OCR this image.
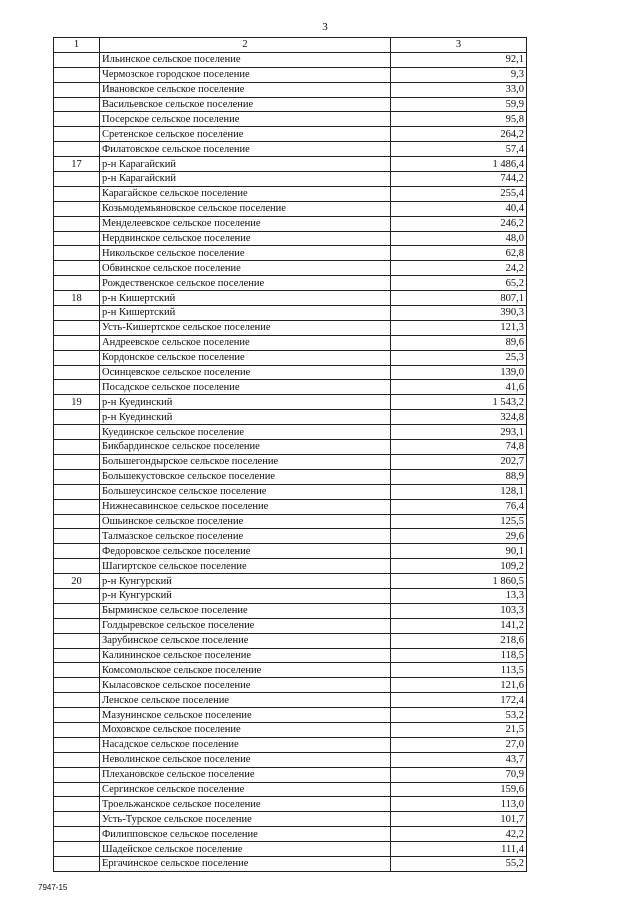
3
1	2	3
	Ильинское сельское поселение	92,1
	Чермозское городское поселение	9,3
	Ивановское сельское поселение	33,0
	Васильевское сельское поселение	59,9
	Посерское сельское поселение	95,8
	Сретенское сельское поселение	264,2
	Филатовское сельское поселение	57,4
17	р-н Карагайский	1 486,4
	р-н Карагайский	744,2
	Карагайское сельское поселение	255,4
	Козьмодемьяновское сельское поселение	40,4
	Менделеевское сельское поселение	246,2
	Нердвинское сельское поселение	48,0
	Никольское сельское поселение	62,8
	Обвинское сельское поселение	24,2
	Рождественское сельское поселение	65,2
18	р-н Кишертский	807,1
	р-н Кишертский	390,3
	Усть-Кишертское сельское поселение	121,3
	Андреевское сельское поселение	89,6
	Кордонское сельское поселение	25,3
	Осинцевское сельское поселение	139,0
	Посадское сельское поселение	41,6
19	р-н Куединский	1 543,2
	р-н Куединский	324,8
	Куединское сельское поселение	293,1
	Бикбардинское сельское поселение	74,8
	Большегондырское сельское поселение	202,7
	Большекустовское сельское поселение	88,9
	Большеусинское сельское поселение	128,1
	Нижнесавинское сельское поселение	76,4
	Ошьинское сельское поселение	125,5
	Талмазское сельское поселение	29,6
	Федоровское сельское поселение	90,1
	Шагиртское сельское поселение	109,2
20	р-н Кунгурский	1 860,5
	р-н Кунгурский	13,3
	Бырминское сельское поселение	103,3
	Голдыревское сельское поселение	141,2
	Зарубинское сельское поселение	218,6
	Калининское сельское поселение	118,5
	Комсомольское сельское поселение	113,5
	Кыласовское сельское поселение	121,6
	Ленское сельское поселение	172,4
	Мазунинское сельское поселение	53,2
	Моховское сельское поселение	21,5
	Насадское сельское поселение	27,0
	Неволинское сельское поселение	43,7
	Плехановское сельское поселение	70,9
	Сергинское сельское поселение	159,6
	Троельжанское сельское поселение	113,0
	Усть-Турское сельское поселение	101,7
	Филипповское сельское поселение	42,2
	Шадейское сельское поселение	111,4
	Ергачинское сельское поселение	55,2
7947-15
